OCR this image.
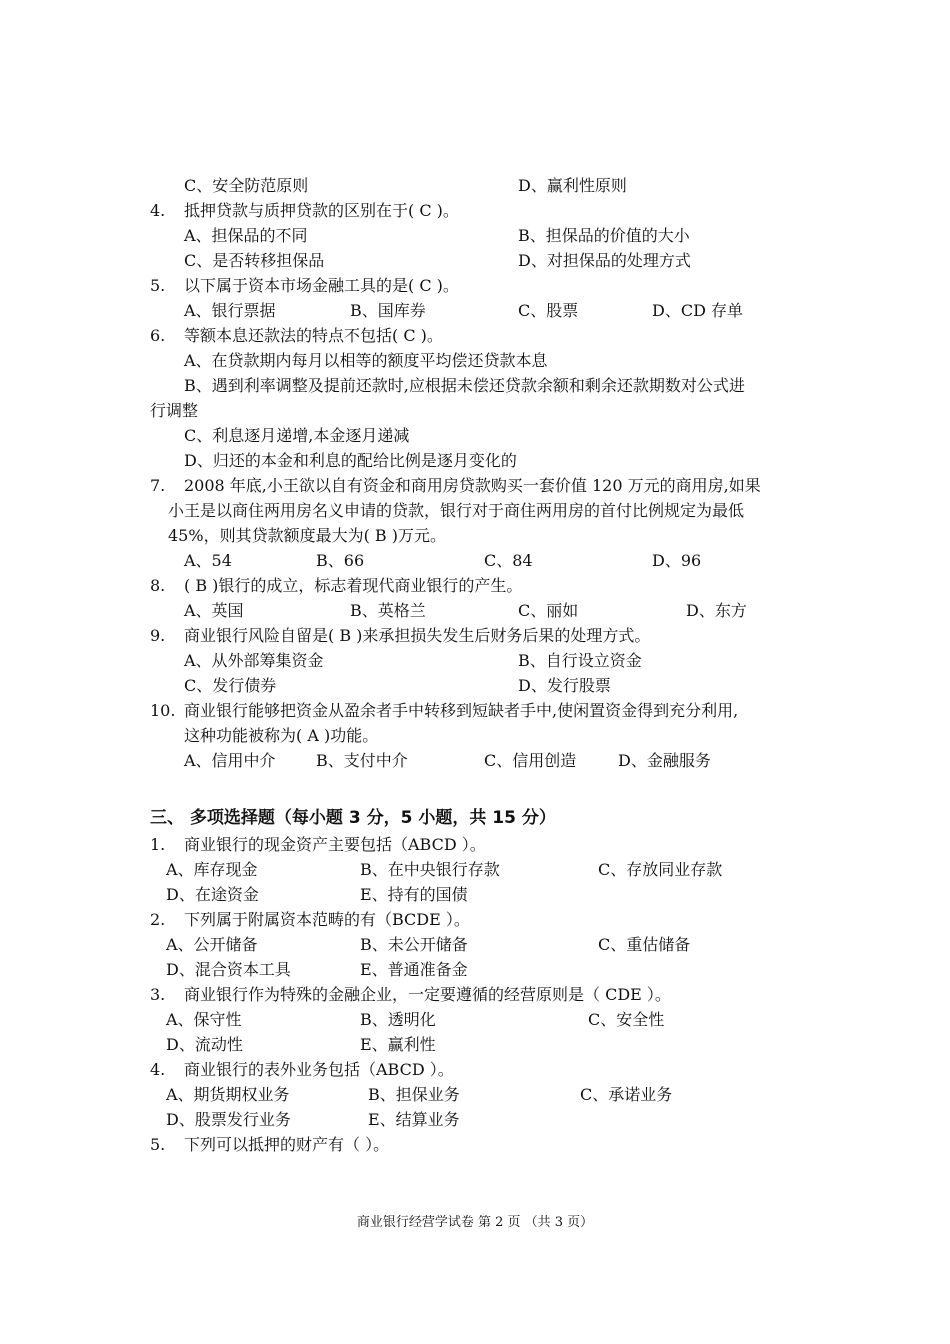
C、安全防范原则	D、赢利性原则
4. 抵押贷款与质押贷款的区别在于( C )。
A、担保品的不同	B、担保品的价值的大小
C、是否转移担保品	D、对担保品的处理方式
5. 以下属于资本市场金融工具的是( C )。
A、银行票据	B、国库券	C、股票	D、CD 存单
6. 等额本息还款法的特点不包括( C )。
A、在贷款期内每月以相等的额度平均偿还贷款本息
B、遇到利率调整及提前还款时,应根据未偿还贷款余额和剩余还款期数对公式进
行调整
C、利息逐月递增,本金逐月递减
D、归还的本金和利息的配给比例是逐月变化的
7. 2008 年底,小王欲以自有资金和商用房贷款购买一套价值 120 万元的商用房,如果
小王是以商住两用房名义申请的贷款，银行对于商住两用房的首付比例规定为最低
45%，则其贷款额度最大为( B )万元。
A、54	B、66	C、84	D、96
8. ( B )银行的成立，标志着现代商业银行的产生。
A、英国	B、英格兰	C、丽如	D、东方
9. 商业银行风险自留是( B )来承担损失发生后财务后果的处理方式。
A、从外部筹集资金	B、自行设立资金
C、发行债券	D、发行股票
10. 商业银行能够把资金从盈余者手中转移到短缺者手中,使闲置资金得到充分利用,
这种功能被称为( A )功能。
A、信用中介	B、支付中介	C、信用创造	D、金融服务
三、 多项选择题（每小题 3 分，5 小题，共 15 分）
1. 商业银行的现金资产主要包括（ABCD ）。
A、库存现金	B、在中央银行存款	C、存放同业存款
D、在途资金	E、持有的国债
2. 下列属于附属资本范畴的有（BCDE ）。
A、公开储备	B、未公开储备	C、重估储备
D、混合资本工具	E、普通准备金
3. 商业银行作为特殊的金融企业，一定要遵循的经营原则是（ CDE ）。
A、保守性	B、透明化	C、安全性
D、流动性	E、赢利性
4. 商业银行的表外业务包括（ABCD ）。
A、期货期权业务	B、担保业务	C、承诺业务
D、股票发行业务	E、结算业务
5. 下列可以抵押的财产有（ ）。
商业银行经营学试卷 第 2 页 （共 3 页）
